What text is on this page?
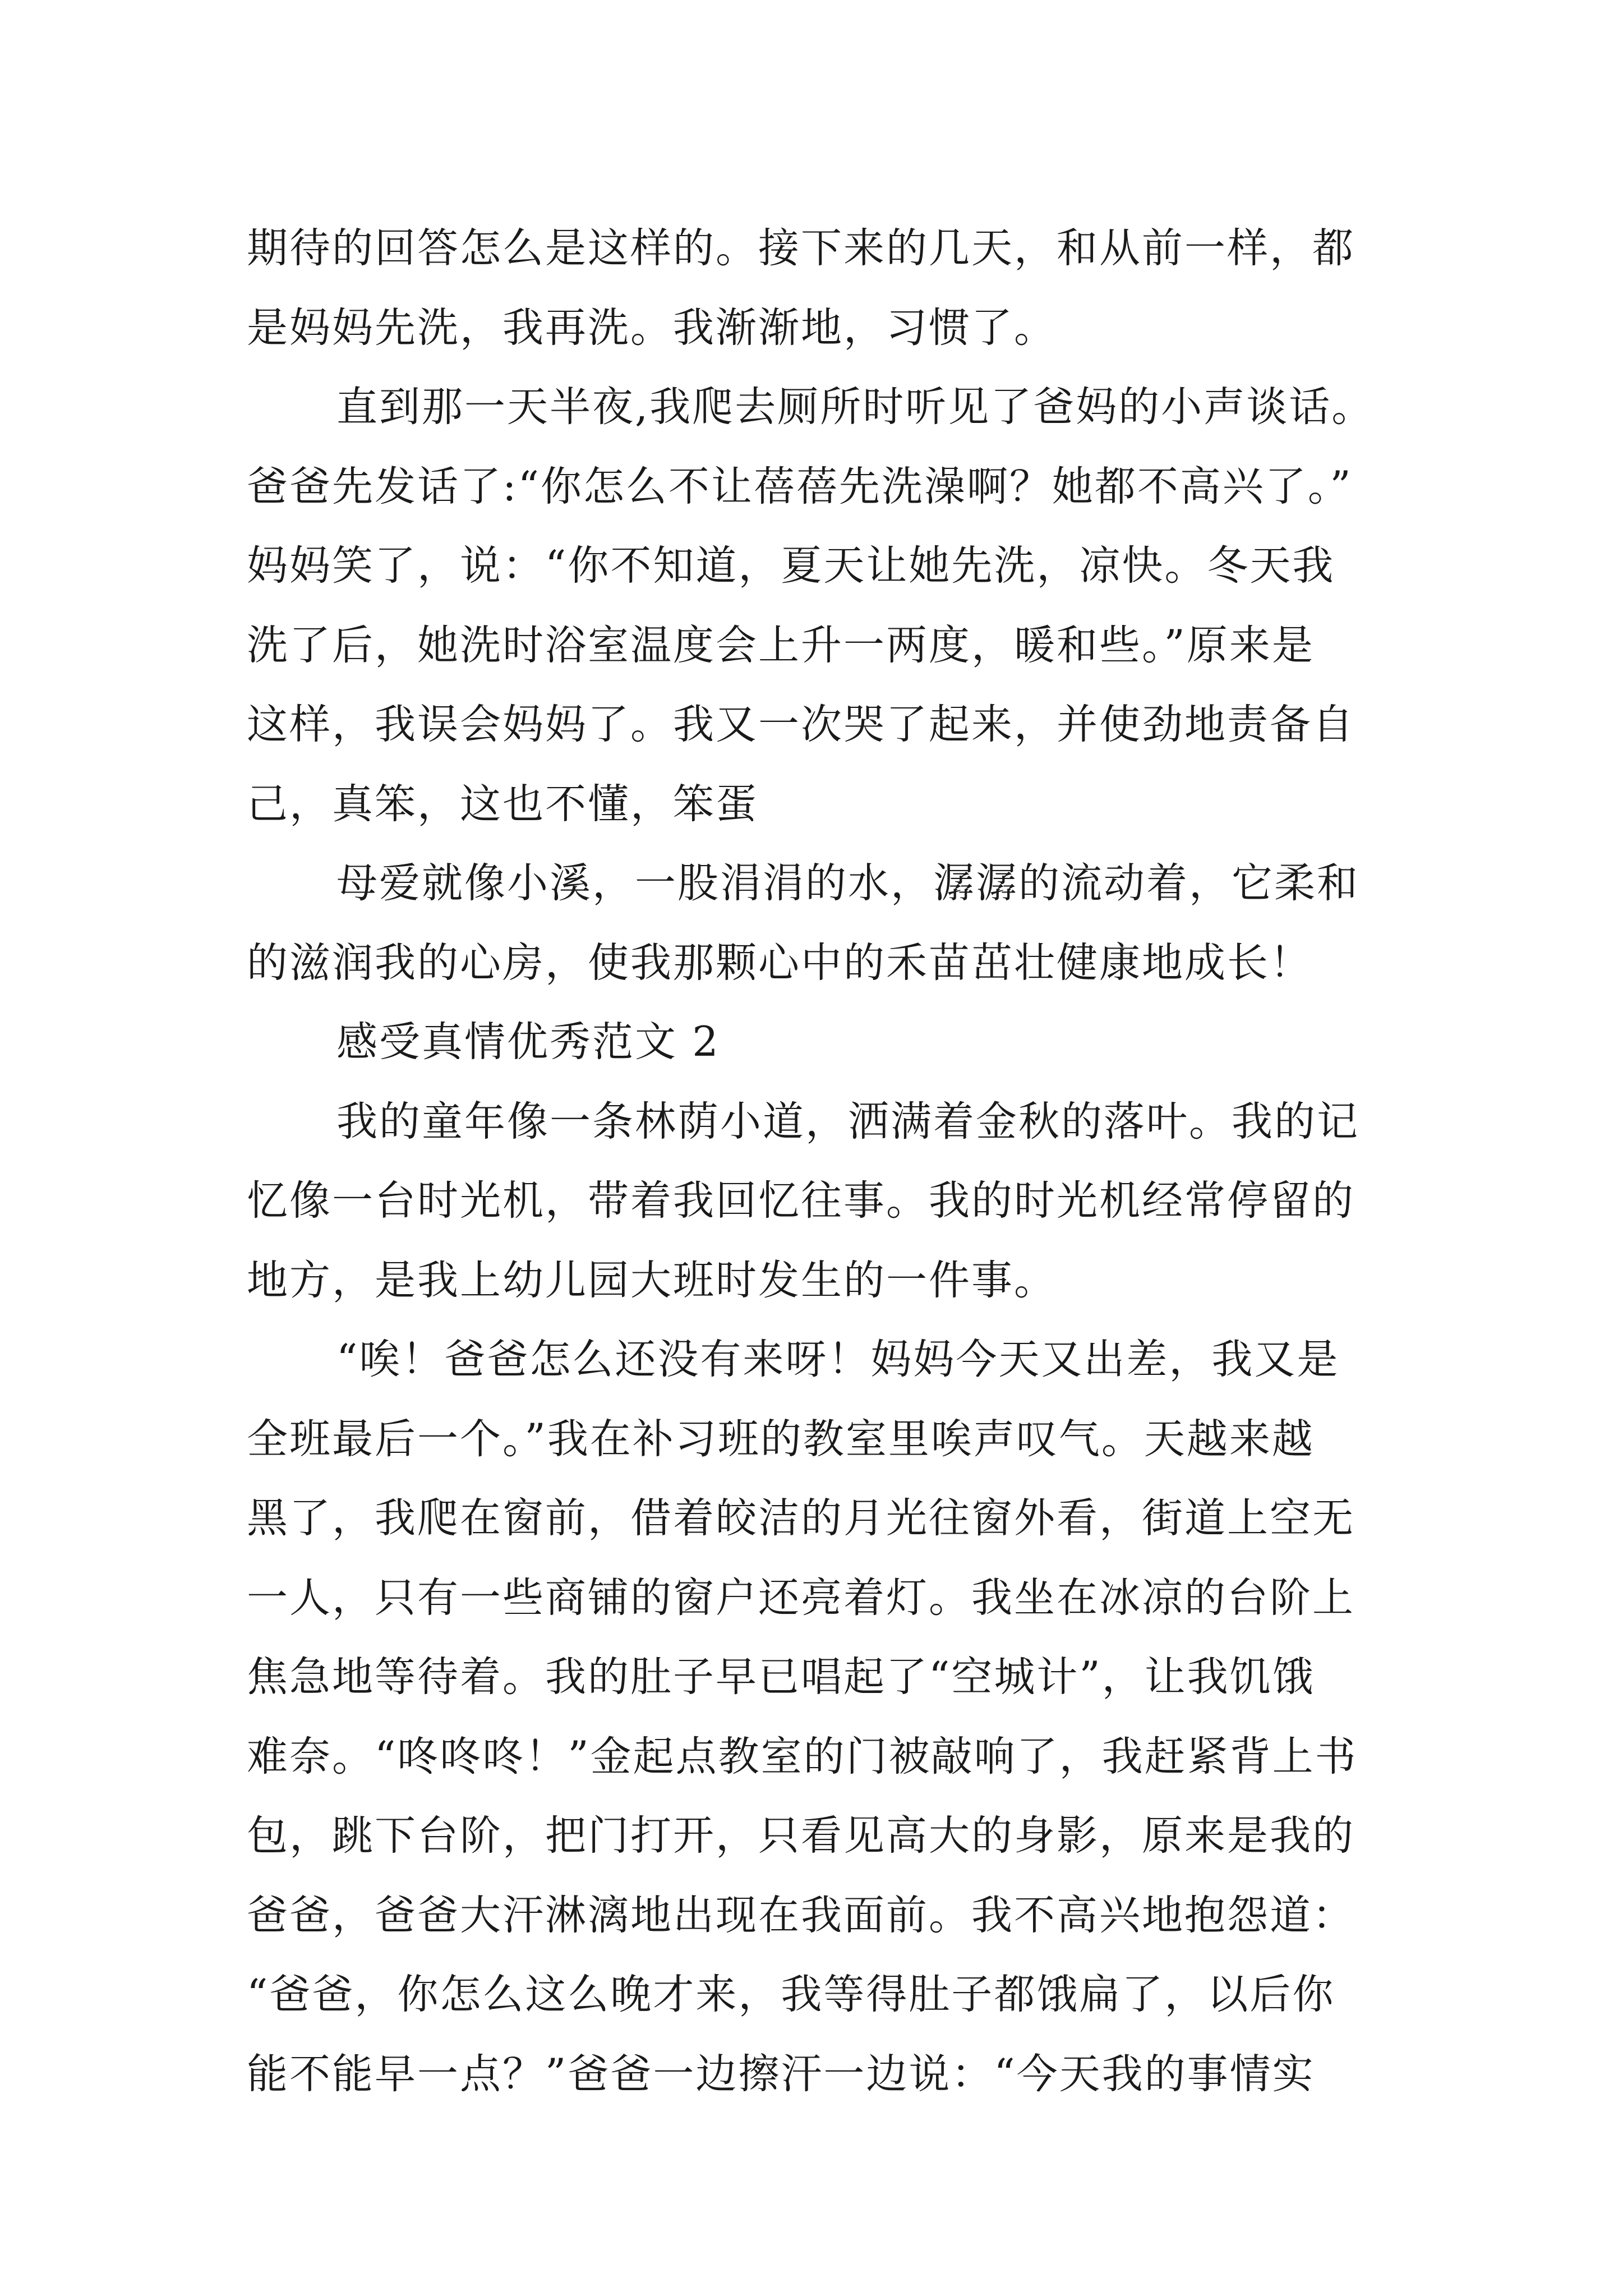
期待的回答怎么是这样的。接下来的几天，和从前一样，都
是妈妈先洗，我再洗。我渐渐地，习惯了。
直到那一天半夜,我爬去厕所时听见了爸妈的小声谈话。
爸爸先发话了:“你怎么不让蓓蓓先洗澡啊？她都不高兴了。”
妈妈笑了，说：“你不知道，夏天让她先洗，凉快。冬天我
洗了后，她洗时浴室温度会上升一两度，暖和些。”原来是
这样，我误会妈妈了。我又一次哭了起来，并使劲地责备自
己，真笨，这也不懂，笨蛋
母爱就像小溪，一股涓涓的水，潺潺的流动着，它柔和
的滋润我的心房，使我那颗心中的禾苗茁壮健康地成长！
感受真情优秀范文 2
我的童年像一条林荫小道，洒满着金秋的落叶。我的记
忆像一台时光机，带着我回忆往事。我的时光机经常停留的
地方，是我上幼儿园大班时发生的一件事。
“唉！爸爸怎么还没有来呀！妈妈今天又出差，我又是
全班最后一个。”我在补习班的教室里唉声叹气。天越来越
黑了，我爬在窗前，借着皎洁的月光往窗外看，街道上空无
一人，只有一些商铺的窗户还亮着灯。我坐在冰凉的台阶上
焦急地等待着。我的肚子早已唱起了“空城计”，让我饥饿
难奈。“咚咚咚！”金起点教室的门被敲响了，我赶紧背上书
包，跳下台阶，把门打开，只看见高大的身影，原来是我的
爸爸，爸爸大汗淋漓地出现在我面前。我不高兴地抱怨道：
“爸爸，你怎么这么晚才来，我等得肚子都饿扁了，以后你
能不能早一点？”爸爸一边擦汗一边说：“今天我的事情实
